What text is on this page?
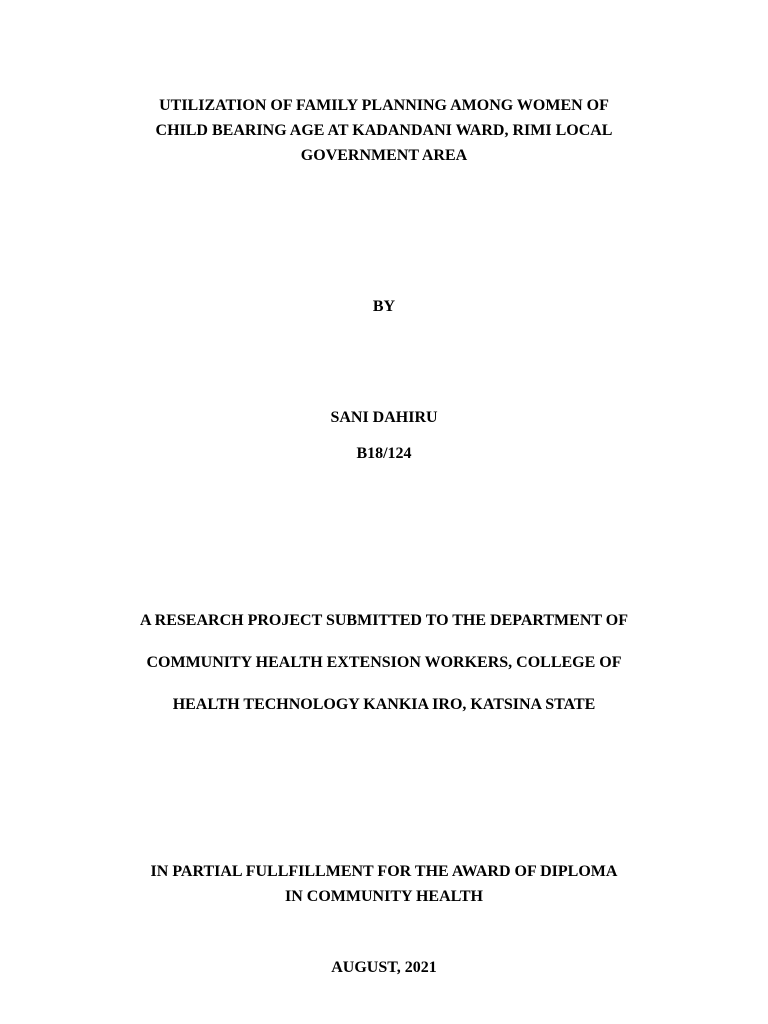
UTILIZATION OF FAMILY PLANNING AMONG WOMEN OF
CHILD BEARING AGE AT KADANDANI WARD, RIMI LOCAL
GOVERNMENT AREA
BY
SANI DAHIRU
B18/124
A RESEARCH PROJECT SUBMITTED TO THE DEPARTMENT OF
COMMUNITY HEALTH EXTENSION WORKERS, COLLEGE OF
HEALTH TECHNOLOGY KANKIA IRO, KATSINA STATE
IN PARTIAL FULLFILLMENT FOR THE AWARD OF DIPLOMA
IN COMMUNITY HEALTH
AUGUST, 2021
